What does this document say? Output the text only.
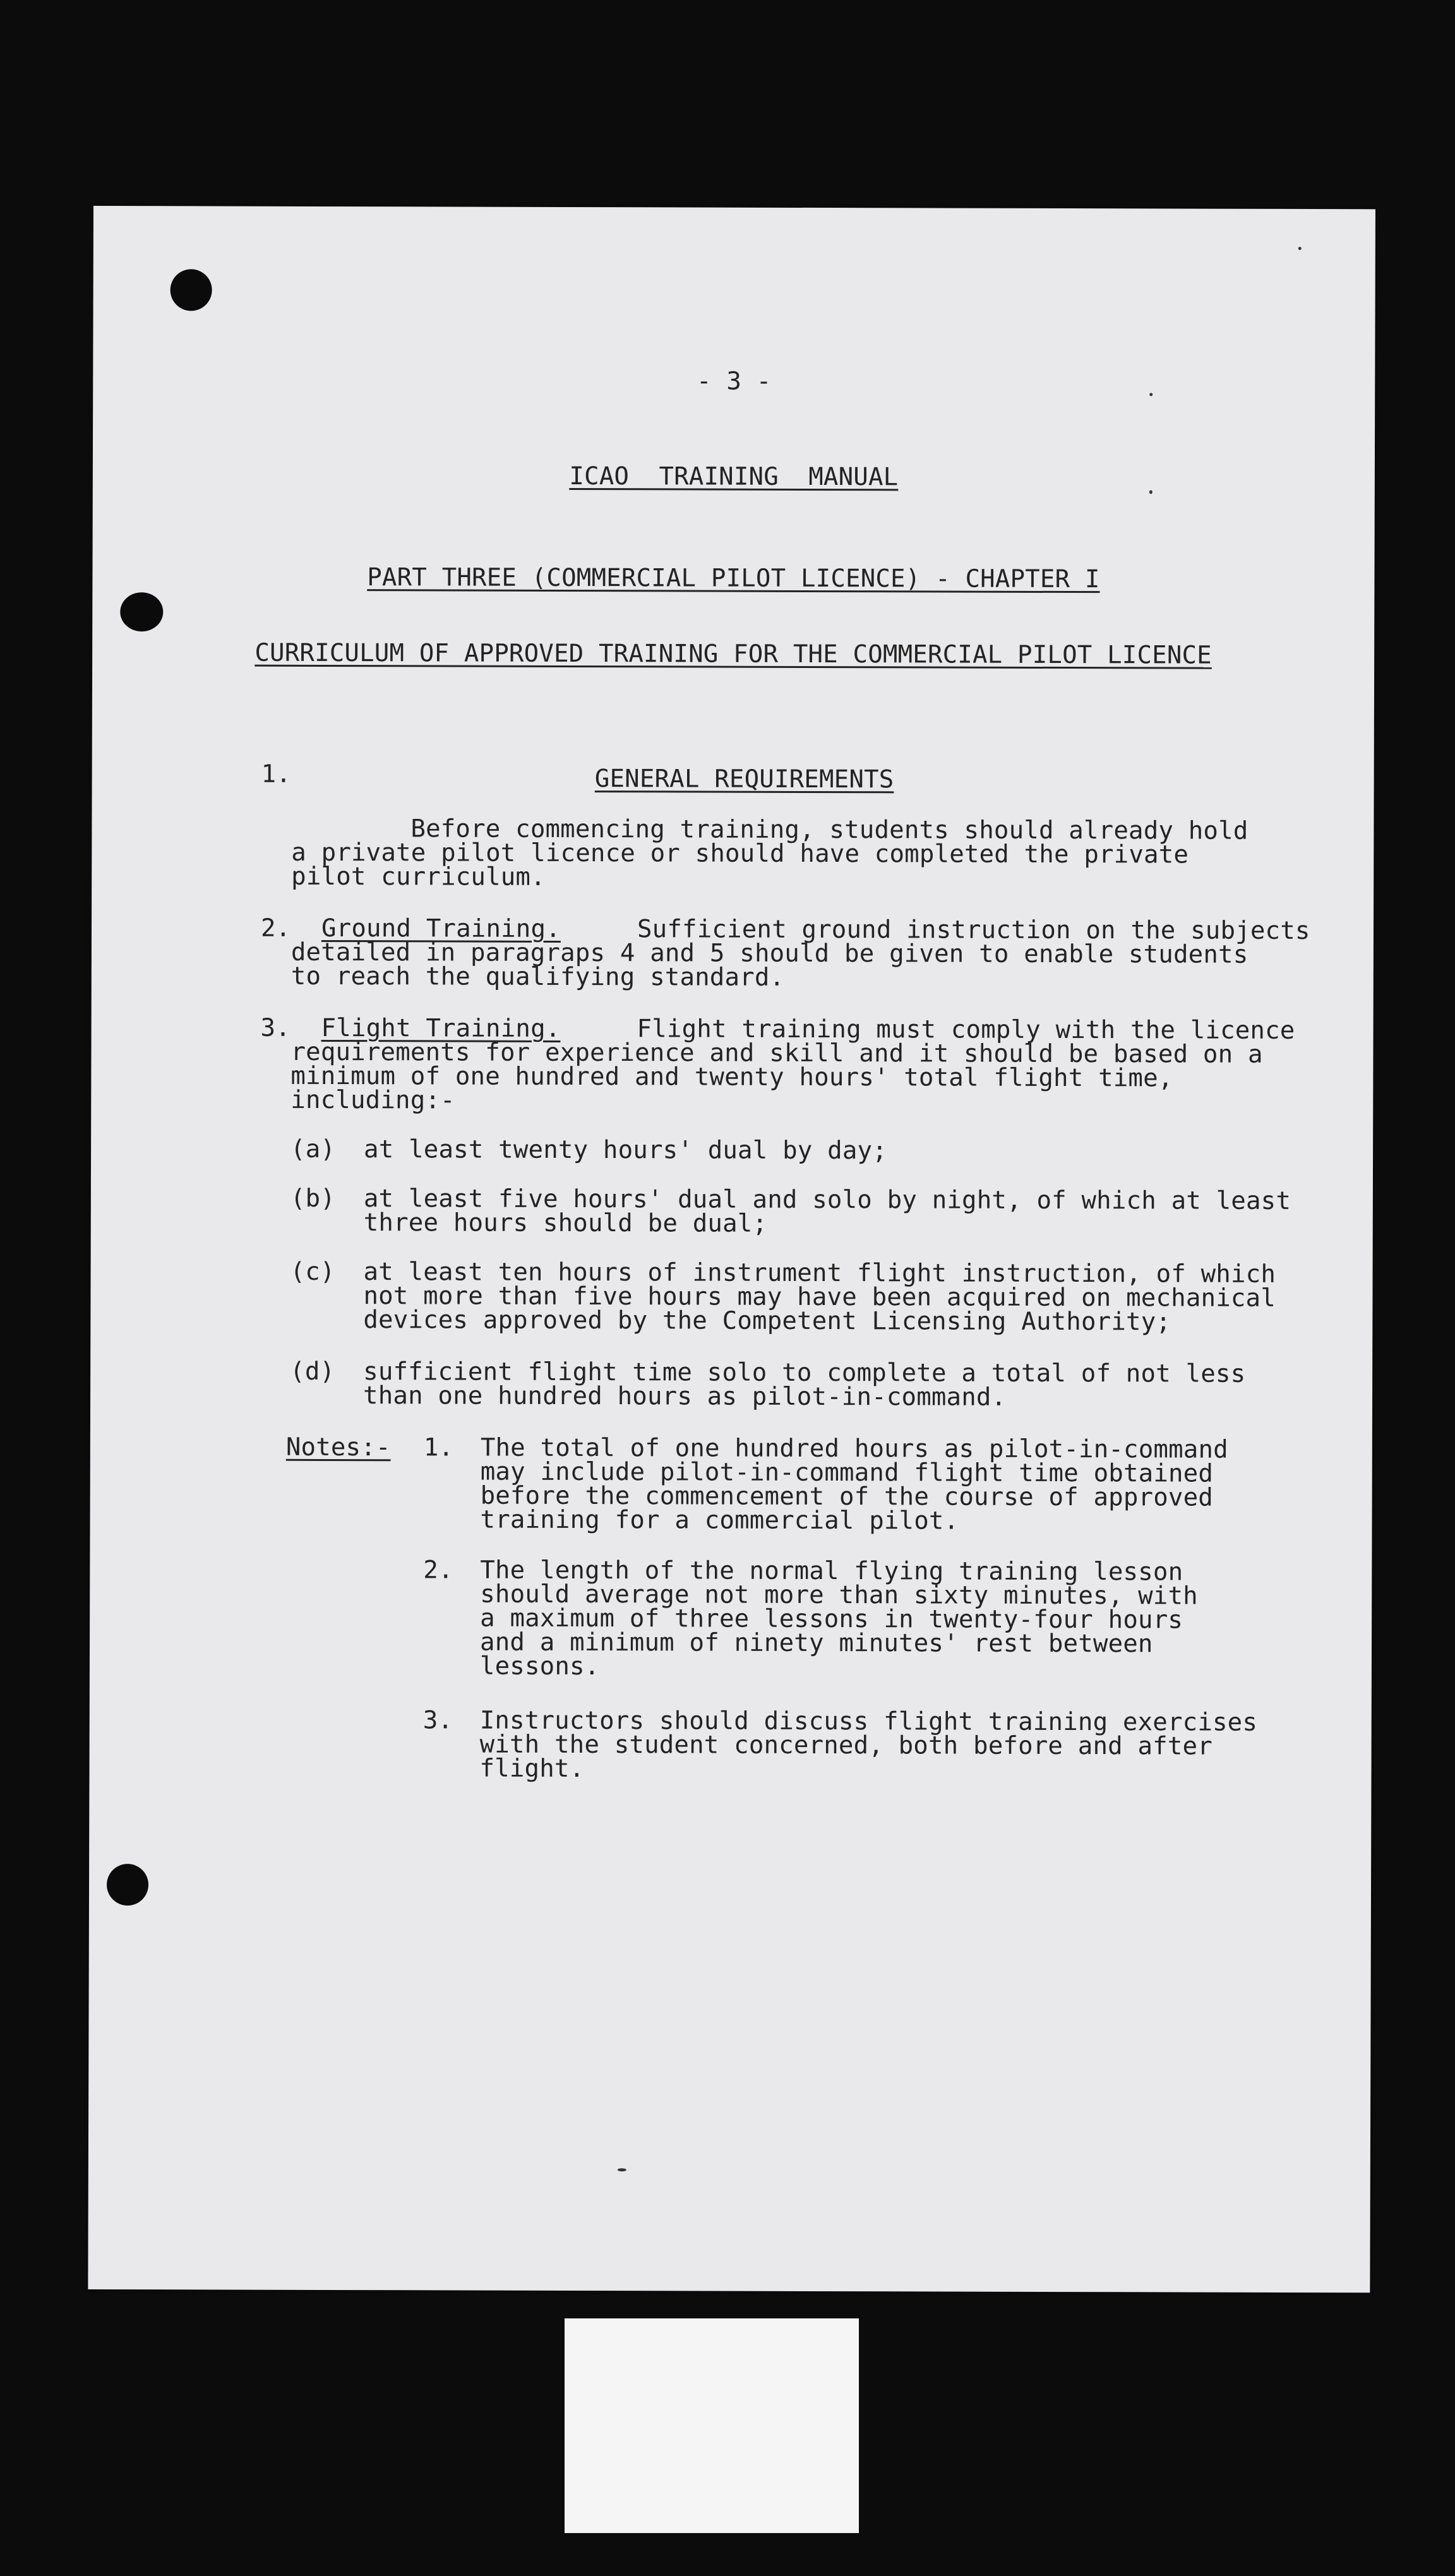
- 3 -
ICAO  TRAINING  MANUAL
PART THREE (COMMERCIAL PILOT LICENCE) - CHAPTER I
CURRICULUM OF APPROVED TRAINING FOR THE COMMERCIAL PILOT LICENCE
1.	GENERAL REQUIREMENTS
Before commencing training, students should already hold
a private pilot licence or should have completed the private
pilot curriculum.
2. Ground Training.	Sufficient ground instruction on the subjects
detailed in paragraps 4 and 5 should be given to enable students
to reach the qualifying standard.
3. Flight Training.	Flight training must comply with the licence
requirements for experience and skill and it should be based on a
minimum of one hundred and twenty hours' total flight time,
including:-
(a) at least twenty hours' dual by day;
(b) at least five hours' dual and solo by night, of which at least
three hours should be dual;
(c) at least ten hours of instrument flight instruction, of which
not more than five hours may have been acquired on mechanical
devices approved by the Competent Licensing Authority;
(d) sufficient flight time solo to complete a total of not less
than one hundred hours as pilot-in-command.
Notes:- 1. The total of one hundred hours as pilot-in-command
may include pilot-in-command flight time obtained
before the commencement of the course of approved
training for a commercial pilot.
2. The length of the normal flying training lesson
should average not more than sixty minutes, with
a maximum of three lessons in twenty-four hours
and a minimum of ninety minutes' rest between
lessons.
3. Instructors should discuss flight training exercises
with the student concerned, both before and after
flight.
